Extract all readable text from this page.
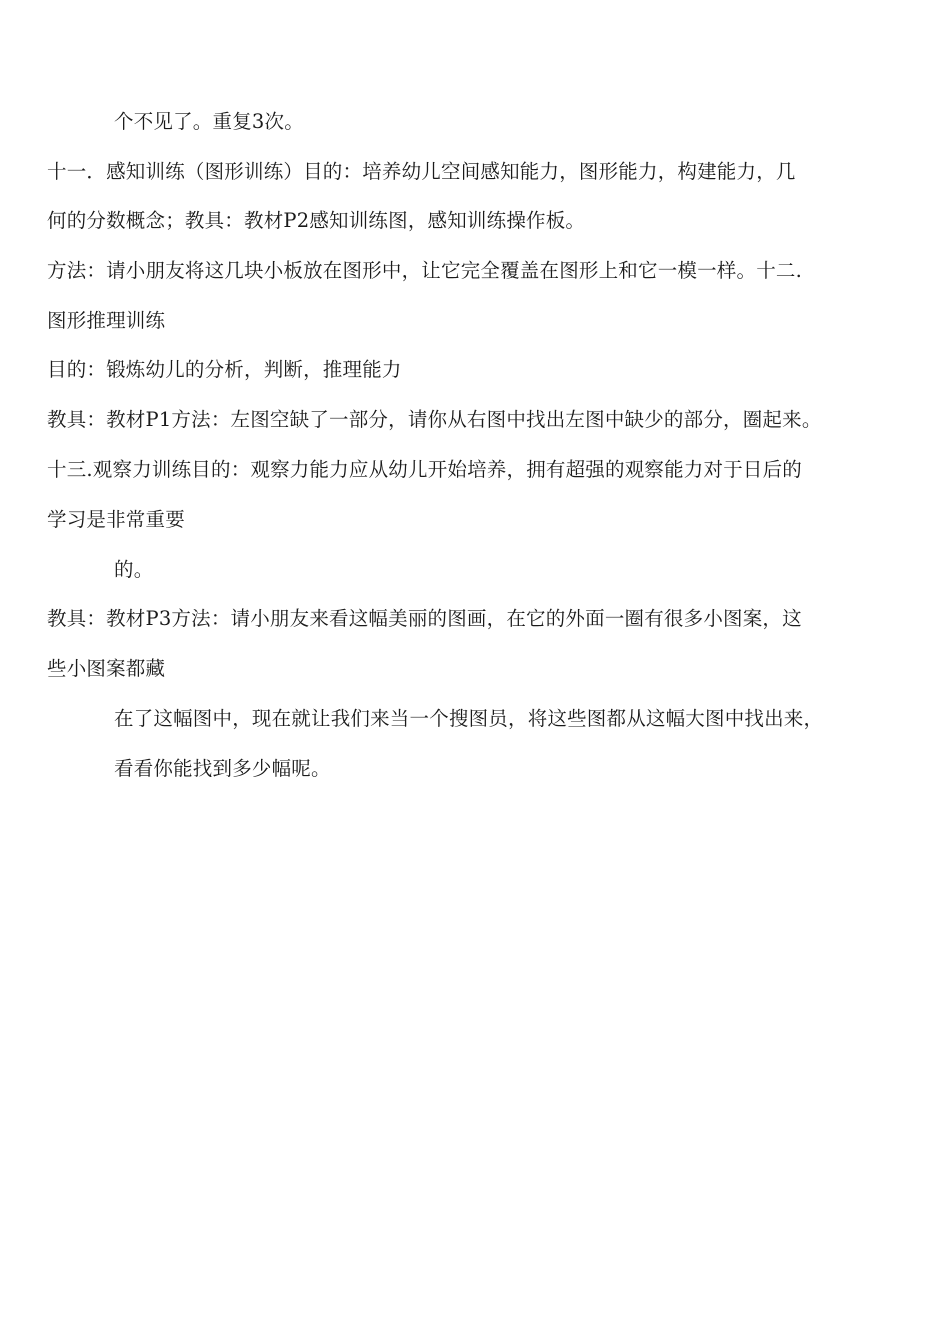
个不见了。重复3次。
十一．感知训练（图形训练）目的：培养幼儿空间感知能力，图形能力，构建能力，几
何的分数概念；教具：教材P2感知训练图，感知训练操作板。
方法：请小朋友将这几块小板放在图形中，让它完全覆盖在图形上和它一模一样。十二.
图形推理训练
目的：锻炼幼儿的分析，判断，推理能力
教具：教材P1方法：左图空缺了一部分，请你从右图中找出左图中缺少的部分，圈起来。
十三.观察力训练目的：观察力能力应从幼儿开始培养，拥有超强的观察能力对于日后的
学习是非常重要
的。
教具：教材P3方法：请小朋友来看这幅美丽的图画，在它的外面一圈有很多小图案，这
些小图案都藏
在了这幅图中，现在就让我们来当一个搜图员，将这些图都从这幅大图中找出来，
看看你能找到多少幅呢。
